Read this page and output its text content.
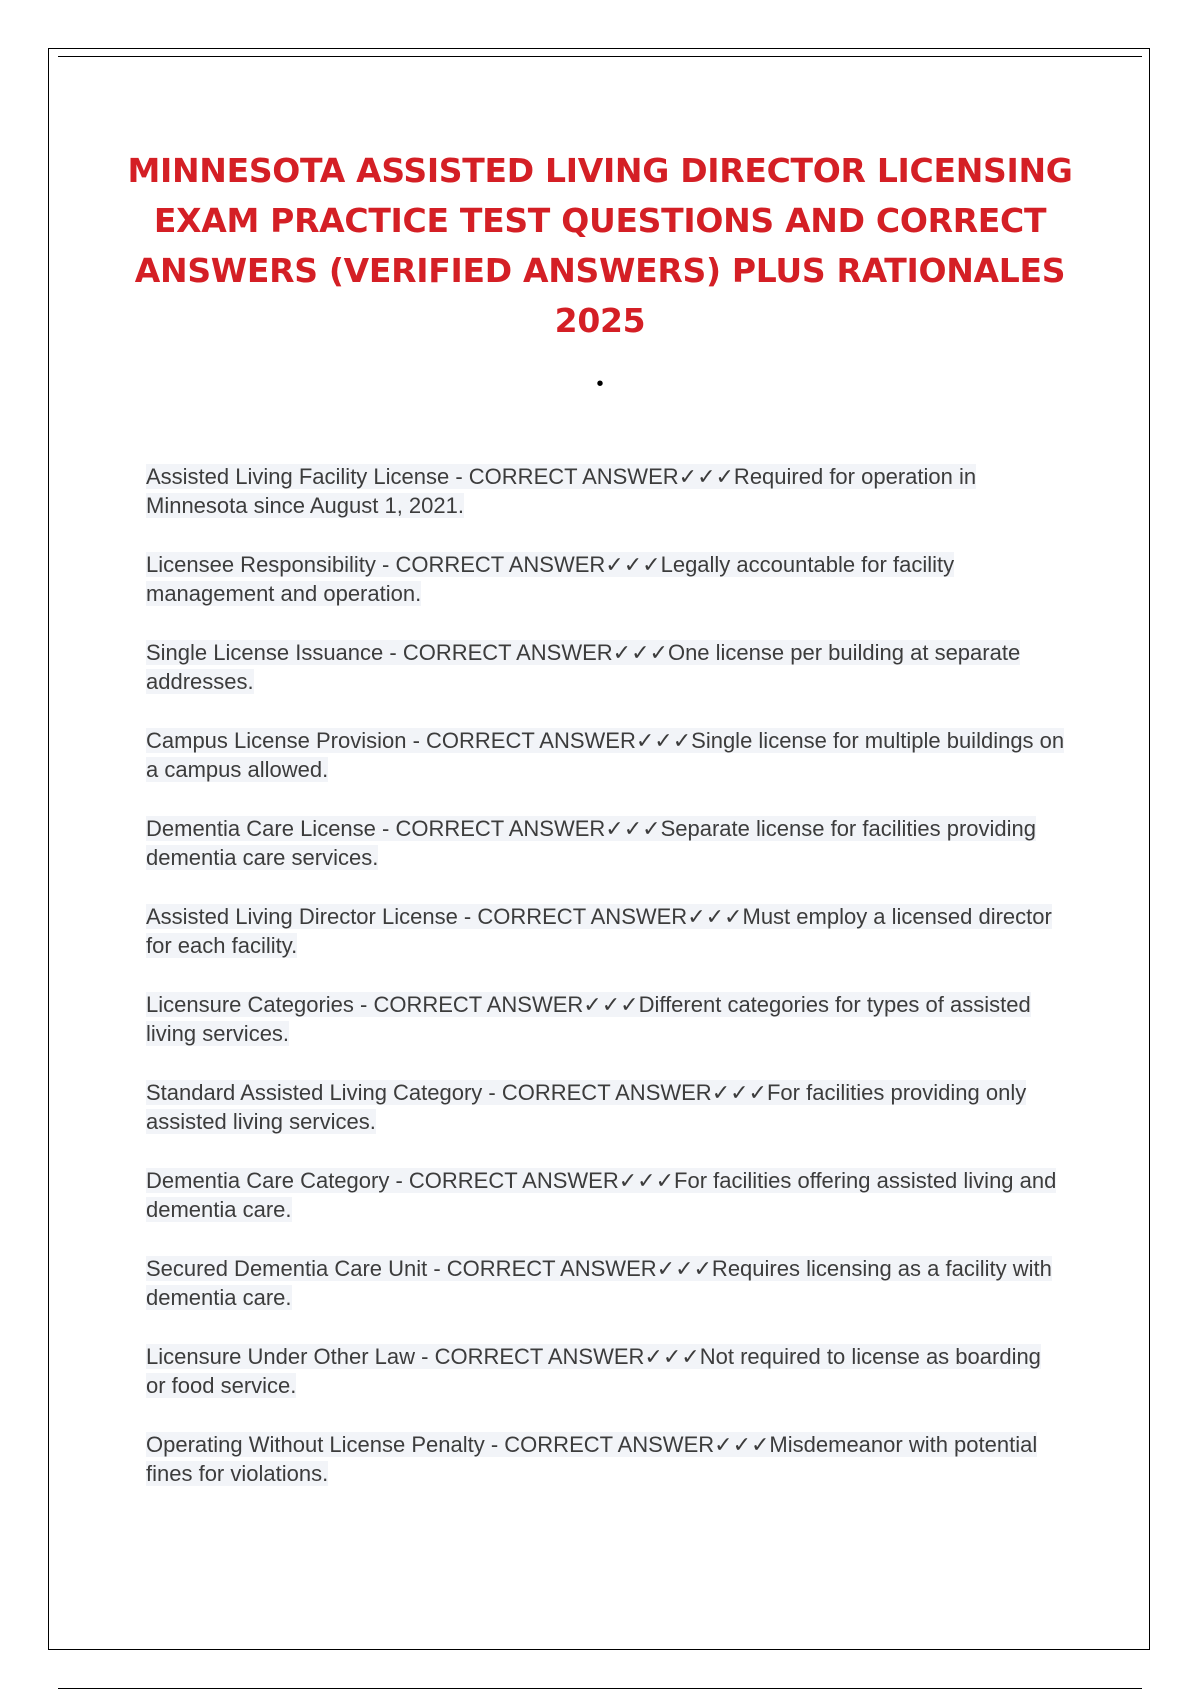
MINNESOTA ASSISTED LIVING DIRECTOR LICENSING EXAM PRACTICE TEST QUESTIONS AND CORRECT ANSWERS (VERIFIED ANSWERS) PLUS RATIONALES 2025
•
Assisted Living Facility License - CORRECT ANSWER✓✓✓Required for operation in Minnesota since August 1, 2021.
Licensee Responsibility - CORRECT ANSWER✓✓✓Legally accountable for facility management and operation.
Single License Issuance - CORRECT ANSWER✓✓✓One license per building at separate addresses.
Campus License Provision - CORRECT ANSWER✓✓✓Single license for multiple buildings on a campus allowed.
Dementia Care License - CORRECT ANSWER✓✓✓Separate license for facilities providing dementia care services.
Assisted Living Director License - CORRECT ANSWER✓✓✓Must employ a licensed director for each facility.
Licensure Categories - CORRECT ANSWER✓✓✓Different categories for types of assisted living services.
Standard Assisted Living Category - CORRECT ANSWER✓✓✓For facilities providing only assisted living services.
Dementia Care Category - CORRECT ANSWER✓✓✓For facilities offering assisted living and dementia care.
Secured Dementia Care Unit - CORRECT ANSWER✓✓✓Requires licensing as a facility with dementia care.
Licensure Under Other Law - CORRECT ANSWER✓✓✓Not required to license as boarding or food service.
Operating Without License Penalty - CORRECT ANSWER✓✓✓Misdemeanor with potential fines for violations.
